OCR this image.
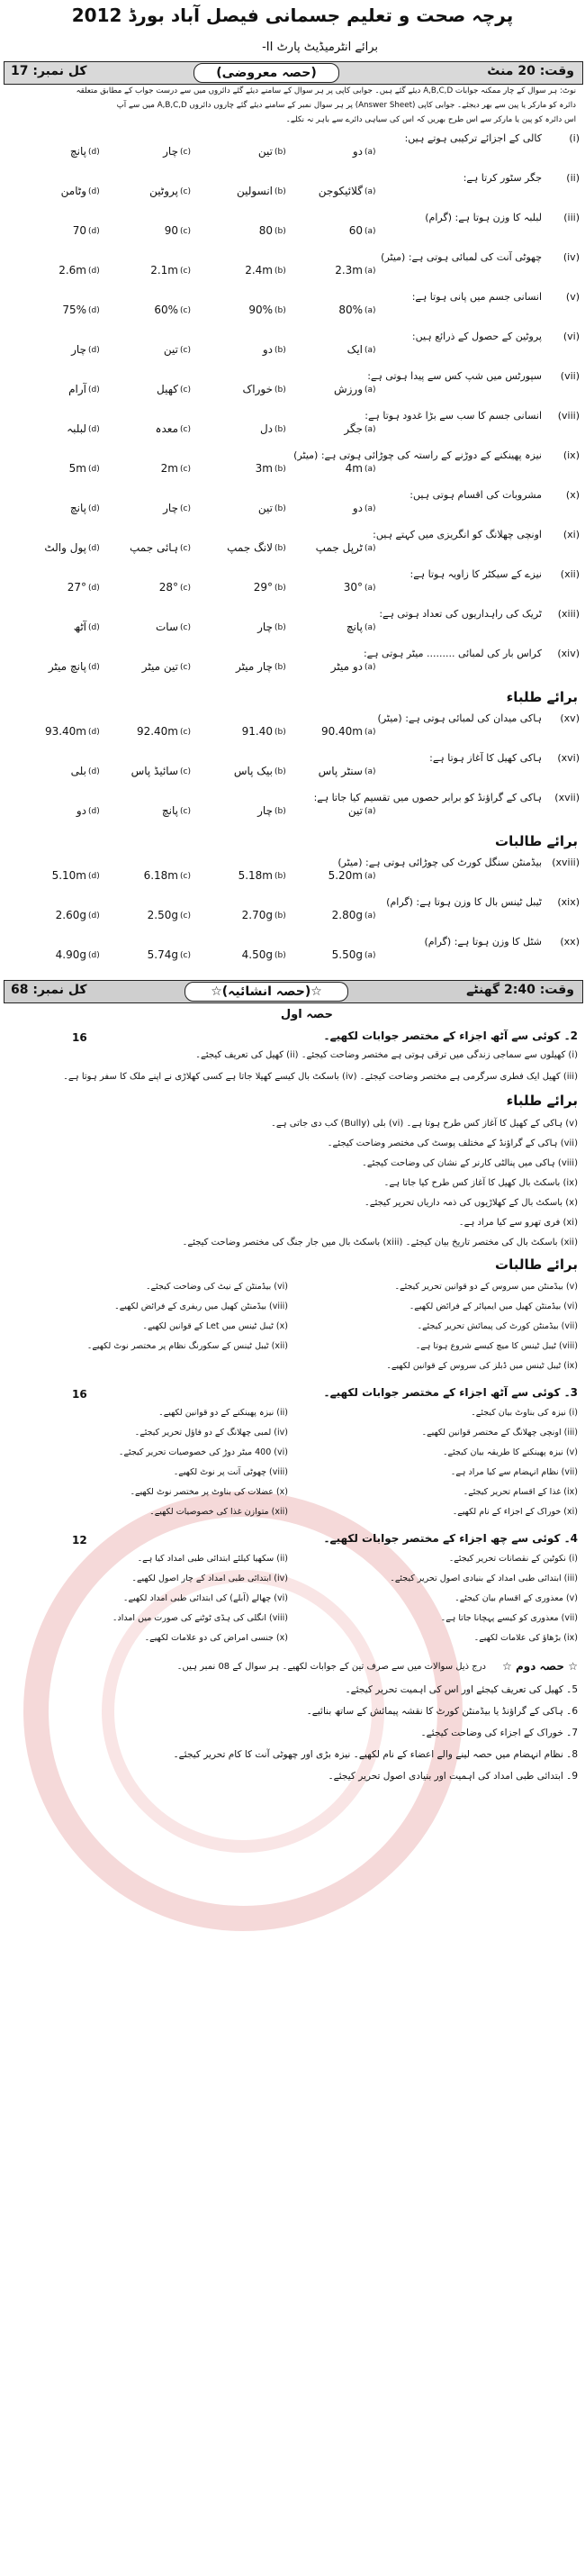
پرچہ صحت و تعلیم جسمانی فیصل آباد بورڈ 2012
برائے انٹرمیڈیٹ پارٹ II-
وقت: 20 منٹ
(حصہ معروضی)
کل نمبر: 17
نوٹ: ہر سوال کے چار ممکنہ جوابات A,B,C,D دیئے گئے ہیں۔ جوابی کاپی پر ہر سوال کے سامنے دیئے گئے دائروں میں سے درست جواب کے مطابق متعلقہ
دائرہ کو مارکر یا پین سے بھر دیجئے۔ جوابی کاپی (Answer Sheet) پر ہر سوال نمبر کے سامنے دیئے گئے چاروں دائروں A,B,C,D میں سے آپ
اس دائرہ کو پین یا مارکر سے اس طرح بھریں کہ اس کی سیاہی دائرے سے باہر نہ نکلے۔
(i)
کالی کے اجزائے ترکیبی ہوتے ہیں:
(a)
دو
(b)
تین
(c)
چار
(d)
پانچ
(ii)
جگر سٹور کرتا ہے:
(a)
گلائیکوجن
(b)
انسولین
(c)
پروٹین
(d)
وٹامن
(iii)
لبلبہ کا وزن ہوتا ہے: (گرام)
(a)
60
(b)
80
(c)
90
(d)
70
(iv)
چھوٹی آنت کی لمبائی ہوتی ہے: (میٹر)
(a)
2.3m
(b)
2.4m
(c)
2.1m
(d)
2.6m
(v)
انسانی جسم میں پانی ہوتا ہے:
(a)
80%
(b)
90%
(c)
60%
(d)
75%
(vi)
پروٹین کے حصول کے ذرائع ہیں:
(a)
ایک
(b)
دو
(c)
تین
(d)
چار
(vii)
سپورٹس میں شپ کس سے پیدا ہوتی ہے:
(a)
ورزش
(b)
خوراک
(c)
کھیل
(d)
آرام
(viii)
انسانی جسم کا سب سے بڑا غدود ہوتا ہے:
(a)
جگر
(b)
دل
(c)
معدہ
(d)
لبلبہ
(ix)
نیزہ پھینکنے کے دوڑنے کے راستہ کی چوڑائی ہوتی ہے: (میٹر)
(a)
4m
(b)
3m
(c)
2m
(d)
5m
(x)
مشروبات کی اقسام ہوتی ہیں:
(a)
دو
(b)
تین
(c)
چار
(d)
پانچ
(xi)
اونچی چھلانگ کو انگریزی میں کہتے ہیں:
(a)
ٹرپل جمپ
(b)
لانگ جمپ
(c)
ہائی جمپ
(d)
پول والٹ
(xii)
نیزے کے سیکٹر کا زاویہ ہوتا ہے:
(a)
30°
(b)
29°
(c)
28°
(d)
27°
(xiii)
ٹریک کی راہداریوں کی تعداد ہوتی ہے:
(a)
پانچ
(b)
چار
(c)
سات
(d)
آٹھ
(xiv)
کراس بار کی لمبائی ......... میٹر ہوتی ہے:
(a)
دو میٹر
(b)
چار میٹر
(c)
تین میٹر
(d)
پانچ میٹر
برائے طلباء
(xv)
ہاکی میدان کی لمبائی ہوتی ہے: (میٹر)
(a)
90.40m
(b)
91.40
(c)
92.40m
(d)
93.40m
(xvi)
ہاکی کھیل کا آغاز ہوتا ہے:
(a)
سنٹر پاس
(b)
بیک پاس
(c)
سائیڈ پاس
(d)
بلی
(xvii)
ہاکی کے گراؤنڈ کو برابر حصوں میں تقسیم کیا جاتا ہے:
(a)
تین
(b)
چار
(c)
پانچ
(d)
دو
برائے طالبات
(xviii)
بیڈمنٹن سنگل کورٹ کی چوڑائی ہوتی ہے: (میٹر)
(a)
5.20m
(b)
5.18m
(c)
6.18m
(d)
5.10m
(xix)
ٹیبل ٹینس بال کا وزن ہوتا ہے: (گرام)
(a)
2.80g
(b)
2.70g
(c)
2.50g
(d)
2.60g
(xx)
شٹل کا وزن ہوتا ہے: (گرام)
(a)
5.50g
(b)
4.50g
(c)
5.74g
(d)
4.90g
وقت: 2:40 گھنٹے
☆(حصہ انشائیہ)☆
کل نمبر: 68
حصہ اول
2۔ کوئی سے آٹھ اجزاء کے مختصر جوابات لکھیے۔
16
(i) کھیلوں سے سماجی زندگی میں ترقی ہوتی ہے مختصر وضاحت کیجئے۔ (ii) کھیل کی تعریف کیجئے۔
(iii) کھیل ایک فطری سرگرمی ہے مختصر وضاحت کیجئے۔ (iv) باسکٹ بال کیسے کھیلا جاتا ہے کسی کھلاڑی نے اپنے ملک کا سفر ہوتا ہے۔
برائے طلباء
(v) ہاکی کے کھیل کا آغاز کس طرح ہوتا ہے۔ (vi) بلی (Bully) کب دی جاتی ہے۔
(vii) ہاکی کے گراؤنڈ کے مختلف پوسٹ کی مختصر وضاحت کیجئے۔
(viii) ہاکی میں پنالٹی کارنر کے نشان کی وضاحت کیجئے۔
(ix) باسکٹ بال کھیل کا آغاز کس طرح کیا جاتا ہے۔
(x) باسکٹ بال کے کھلاڑیوں کی ذمہ داریاں تحریر کیجئے۔
(xi) فری تھرو سے کیا مراد ہے۔
(xii) باسکٹ بال کی مختصر تاریخ بیان کیجئے۔ (xiii) باسکٹ بال میں جار جنگ کی مختصر وضاحت کیجئے۔
برائے طالبات
(v) بیڈمنٹن میں سروس کے دو قوانین تحریر کیجئے۔
(vi) بیڈمنٹن کے نیٹ کی وضاحت کیجئے۔
(vi) بیڈمنٹن کھیل میں ایمپائر کے فرائض لکھیے۔
(viii) بیڈمنٹن کھیل میں ریفری کے فرائض لکھیے۔
(vii) بیڈمنٹن کورٹ کی پیمائش تحریر کیجئے۔
(x) ٹیبل ٹینس میں Let کے قوانین لکھیے۔
(viii) ٹیبل ٹینس کا میچ کیسے شروع ہوتا ہے۔
(xii) ٹیبل ٹینس کے سکورنگ نظام پر مختصر نوٹ لکھیے۔
(ix) ٹیبل ٹینس میں ڈبلز کی سروس کے قوانین لکھیے۔
3۔ کوئی سے آٹھ اجزاء کے مختصر جوابات لکھیے۔
16
(i) نیزہ کی بناوٹ بیان کیجئے۔
(ii) نیزہ پھینکنے کے دو قوانین لکھیے۔
(iii) اونچی چھلانگ کے مختصر قوانین لکھیے۔
(iv) لمبی چھلانگ کے دو فاؤل تحریر کیجئے۔
(v) نیزہ پھینکنے کا طریقہ بیان کیجئے۔
(vi) 400 میٹر دوڑ کی خصوصیات تحریر کیجئے۔
(vii) نظام انہضام سے کیا مراد ہے۔
(viii) چھوٹی آنت پر نوٹ لکھیے۔
(ix) غذا کے اقسام تحریر کیجئے۔
(x) عضلات کی بناوٹ پر مختصر نوٹ لکھیے۔
(xi) خوراک کے اجزاء کے نام لکھیے۔
(xii) متوازن غذا کی خصوصیات لکھیے۔
4۔ کوئی سے چھ اجزاء کے مختصر جوابات لکھیے۔
12
(i) نکوٹین کے نقصانات تحریر کیجئے۔
(ii) سکھیا کیلئے ابتدائی طبی امداد کیا ہے۔
(iii) ابتدائی طبی امداد کے بنیادی اصول تحریر کیجئے۔
(iv) ابتدائی طبی امداد کے چار اصول لکھیے۔
(v) معذوری کے اقسام بیان کیجئے۔
(vi) چھالے (آبلے) کی ابتدائی طبی امداد لکھیے۔
(vii) معذوری کو کیسے پہچانا جاتا ہے۔
(viii) انگلی کی ہڈی ٹوٹنے کی صورت میں امداد۔
(ix) بڑھاؤ کی علامات لکھیے۔
(x) جنسی امراض کی دو علامات لکھیے۔
☆ حصہ دوم ☆
درج ذیل سوالات میں سے صرف تین کے جوابات لکھیے۔ ہر سوال کے 08 نمبر ہیں۔
5۔ کھیل کی تعریف کیجئے اور اس کی اہمیت تحریر کیجئے۔
6۔ ہاکی کے گراؤنڈ یا بیڈمنٹن کورٹ کا نقشہ پیمائش کے ساتھ بنائیے۔
7۔ خوراک کے اجزاء کی وضاحت کیجئے۔
8۔ نظام انہضام میں حصہ لینے والے اعضاء کے نام لکھیے۔ نیزہ بڑی اور چھوٹی آنت کا کام تحریر کیجئے۔
9۔ ابتدائی طبی امداد کی اہمیت اور بنیادی اصول تحریر کیجئے۔
